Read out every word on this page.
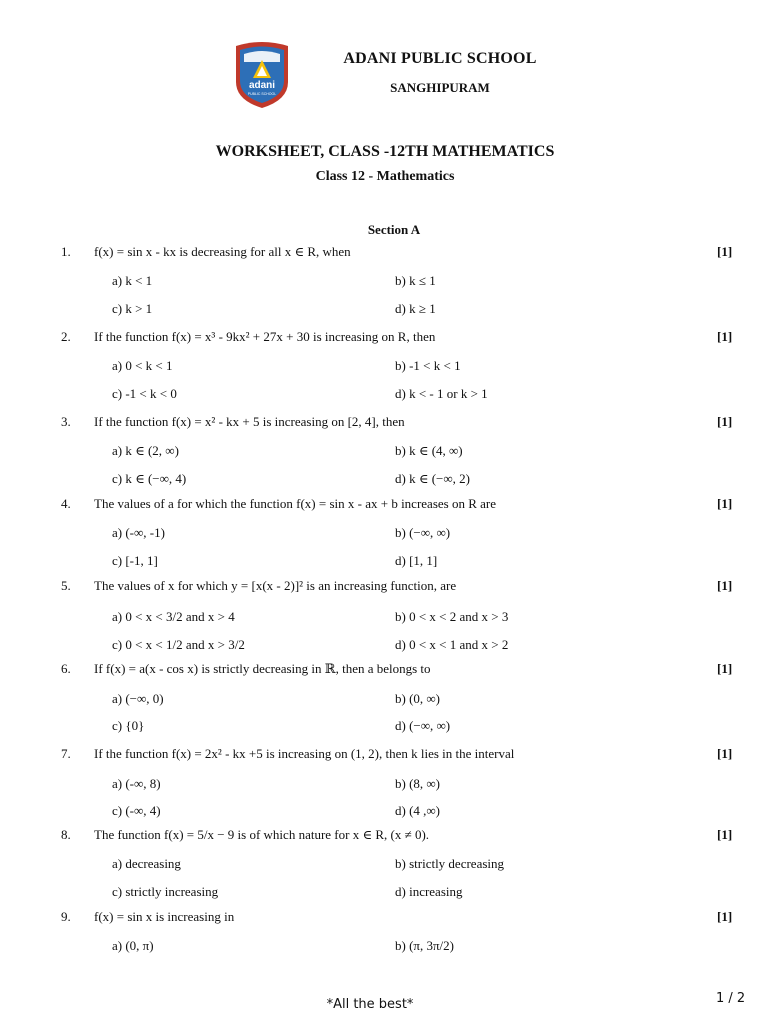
adani
PUBLIC SCHOOL
ADANI PUBLIC SCHOOL
SANGHIPURAM
WORKSHEET, CLASS -12TH MATHEMATICS
Class 12 - Mathematics
Section A
1. f(x) = sin x - kx is decreasing for all x ∈ R, when	[1]
a) k < 1	b) k ≤ 1
c) k > 1	d) k ≥ 1
2. If the function f(x) = x³ - 9kx² + 27x + 30 is increasing on R, then	[1]
a) 0 < k < 1	b) -1 < k < 1
c) -1 < k < 0	d) k < - 1 or k > 1
3. If the function f(x) = x² - kx + 5 is increasing on [2, 4], then	[1]
a) k ∈ (2, ∞)	b) k ∈ (4, ∞)
c) k ∈ (−∞, 4)	d) k ∈ (−∞, 2)
4. The values of a for which the function f(x) = sin x - ax + b increases on R are	[1]
a) (-∞, -1)	b) (−∞, ∞)
c) [-1, 1]	d) [1, 1]
5. The values of x for which y = [x(x - 2)]² is an increasing function, are	[1]
a) 0 < x < 3/2 and x > 4	b) 0 < x < 2 and x > 3
c) 0 < x < 1/2 and x > 3/2	d) 0 < x < 1 and x > 2
6. If f(x) = a(x - cos x) is strictly decreasing in ℝ, then a belongs to	[1]
a) (−∞, 0)	b) (0, ∞)
c) {0}	d) (−∞, ∞)
7. If the function f(x) = 2x² - kx +5 is increasing on (1, 2), then k lies in the interval	[1]
a) (-∞, 8)	b) (8, ∞)
c) (-∞, 4)	d) (4 ,∞)
8. The function f(x) = 5/x − 9 is of which nature for x ∈ R, (x ≠ 0).	[1]
a) decreasing	b) strictly decreasing
c) strictly increasing	d) increasing
9. f(x) = sin x is increasing in	[1]
a) (0, π)	b) (π, 3π/2)
*All the best*	1 / 2
